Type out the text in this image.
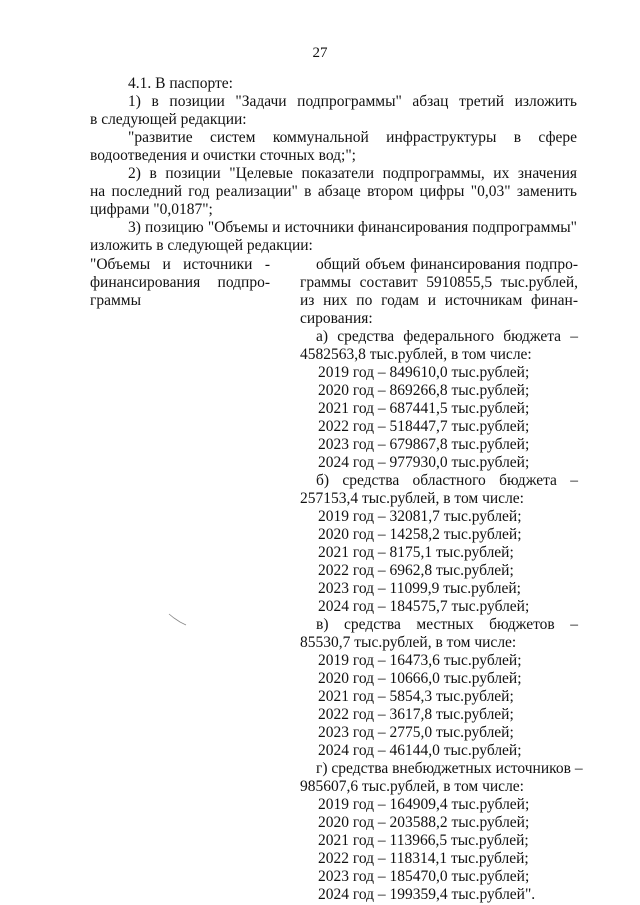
27
4.1. В паспорте:
1) в позиции "Задачи подпрограммы" абзац третий изложить
в следующей редакции:
"развитие систем коммунальной инфраструктуры в сфере
водоотведения и очистки сточных вод;";
2) в позиции "Целевые показатели подпрограммы, их значения
на последний год реализации" в абзаце втором цифры "0,03" заменить
цифрами "0,0187";
3) позицию "Объемы и источники финансирования подпрограммы"
изложить в следующей редакции:
"Объемы и источники -
финансирования подпро-
граммы
общий объем финансирования подпро-
граммы составит 5910855,5 тыс.рублей,
из них по годам и источникам финан-
сирования:
а) средства федерального бюджета –
4582563,8 тыс.рублей, в том числе:
2019 год – 849610,0 тыс.рублей;
2020 год – 869266,8 тыс.рублей;
2021 год – 687441,5 тыс.рублей;
2022 год – 518447,7 тыс.рублей;
2023 год – 679867,8 тыс.рублей;
2024 год – 977930,0 тыс.рублей;
б) средства областного бюджета –
257153,4 тыс.рублей, в том числе:
2019 год – 32081,7 тыс.рублей;
2020 год – 14258,2 тыс.рублей;
2021 год – 8175,1 тыс.рублей;
2022 год – 6962,8 тыс.рублей;
2023 год – 11099,9 тыс.рублей;
2024 год – 184575,7 тыс.рублей;
в) средства местных бюджетов –
85530,7 тыс.рублей, в том числе:
2019 год – 16473,6 тыс.рублей;
2020 год – 10666,0 тыс.рублей;
2021 год – 5854,3 тыс.рублей;
2022 год – 3617,8 тыс.рублей;
2023 год – 2775,0 тыс.рублей;
2024 год – 46144,0 тыс.рублей;
г) средства внебюджетных источников –
985607,6 тыс.рублей, в том числе:
2019 год – 164909,4 тыс.рублей;
2020 год – 203588,2 тыс.рублей;
2021 год – 113966,5 тыс.рублей;
2022 год – 118314,1 тыс.рублей;
2023 год – 185470,0 тыс.рублей;
2024 год – 199359,4 тыс.рублей".
